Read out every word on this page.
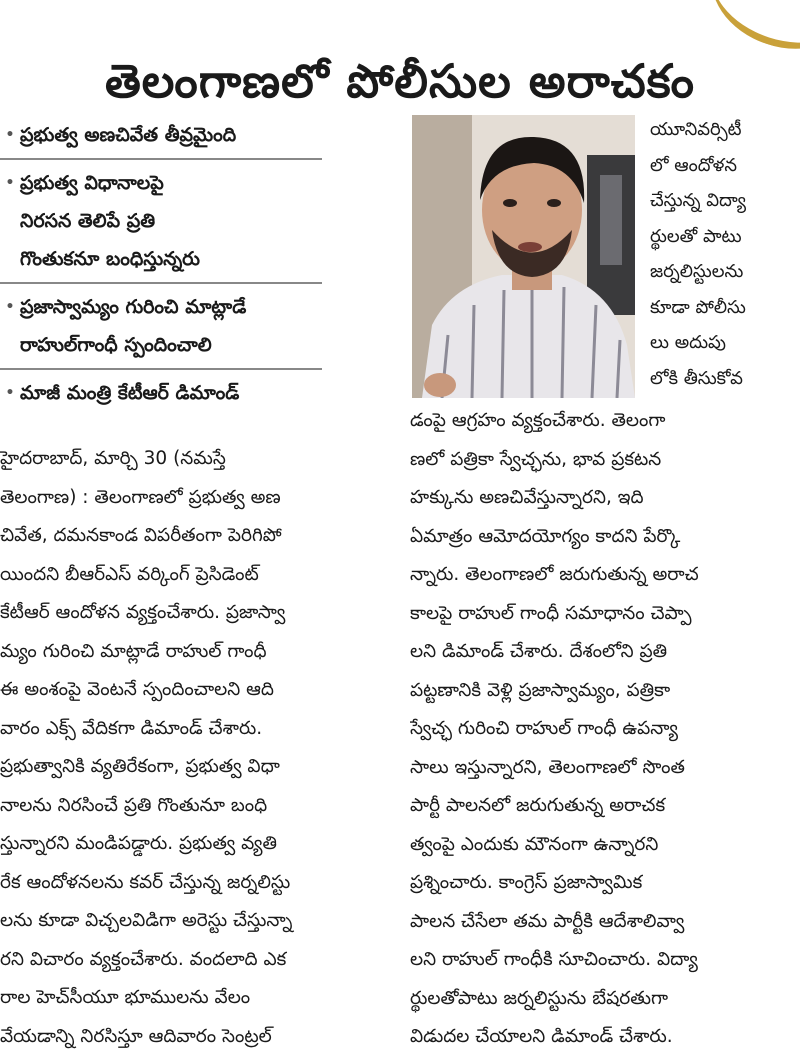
తెలంగాణలో పోలీసుల అరాచకం
• ప్రభుత్వ అణచివేత తీవ్రమైంది
• ప్రభుత్వ విధానాలపై
నిరసన తెలిపే ప్రతి
గొంతుకనూ బంధిస్తున్నరు
• ప్రజాస్వామ్యం గురించి మాట్లాడే
రాహుల్‌గాంధీ స్పందించాలి
• మాజీ మంత్రి కేటీఆర్ డిమాండ్
యూనివర్సిటీ
లో ఆందోళన
చేస్తున్న విద్యా
ర్థులతో పాటు
జర్నలిస్టులను
కూడా పోలీసు
లు అదుపు
లోకి తీసుకోవ
హైదరాబాద్, మార్చి 30 (నమస్తే
తెలంగాణ) : తెలంగాణలో ప్రభుత్వ అణ
చివేత, దమనకాండ విపరీతంగా పెరిగిపో
యిందని బీఆర్‌ఎస్ వర్కింగ్ ప్రెసిడెంట్
కేటీఆర్ ఆందోళన వ్యక్తంచేశారు. ప్రజాస్వా
మ్యం గురించి మాట్లాడే రాహుల్ గాంధీ
ఈ అంశంపై వెంటనే స్పందించాలని ఆది
వారం ఎక్స్ వేదికగా డిమాండ్ చేశారు.
ప్రభుత్వానికి వ్యతిరేకంగా, ప్రభుత్వ విధా
నాలను నిరసించే ప్రతి గొంతునూ బంధి
స్తున్నారని మండిపడ్డారు. ప్రభుత్వ వ్యతి
రేక ఆందోళనలను కవర్ చేస్తున్న జర్నలిస్టు
లను కూడా విచ్చలవిడిగా అరెస్టు చేస్తున్నా
రని విచారం వ్యక్తంచేశారు. వందలాది ఎక
రాల హెచ్‌సీయూ భూములను వేలం
వేయడాన్ని నిరసిస్తూ ఆదివారం సెంట్రల్
డంపై ఆగ్రహం వ్యక్తంచేశారు. తెలంగా
ణలో పత్రికా స్వేచ్ఛను, భావ ప్రకటన
హక్కును అణచివేస్తున్నారని, ఇది
ఏమాత్రం ఆమోదయోగ్యం కాదని పేర్కొ
న్నారు. తెలంగాణలో జరుగుతున్న అరాచ
కాలపై రాహుల్ గాంధీ సమాధానం చెప్పా
లని డిమాండ్ చేశారు. దేశంలోని ప్రతి
పట్టణానికి వెళ్లి ప్రజాస్వామ్యం, పత్రికా
స్వేచ్ఛ గురించి రాహుల్ గాంధీ ఉపన్యా
సాలు ఇస్తున్నారని, తెలంగాణలో సొంత
పార్టీ పాలనలో జరుగుతున్న అరాచక
త్వంపై ఎందుకు మౌనంగా ఉన్నారని
ప్రశ్నించారు. కాంగ్రెస్ ప్రజాస్వామిక
పాలన చేసేలా తమ పార్టీకి ఆదేశాలివ్వా
లని రాహుల్ గాంధీకి సూచించారు. విద్యా
ర్థులతోపాటు జర్నలిస్టును బేషరతుగా
విడుదల చేయాలని డిమాండ్ చేశారు.
